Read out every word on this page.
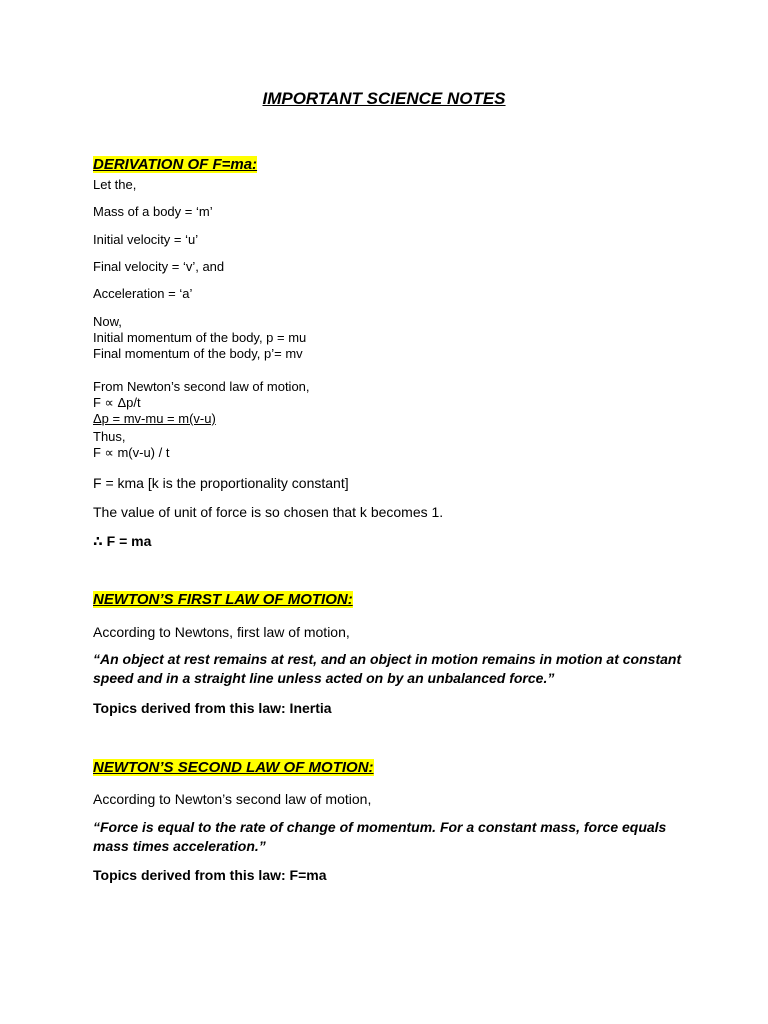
IMPORTANT SCIENCE NOTES
DERIVATION OF F=ma:

Let the,

Mass of a body = ‘m’

Initial velocity = ‘u’

Final velocity = ‘v’, and

Acceleration = ‘a’

Now,

Initial momentum of the body, p = mu

Final momentum of the body, p’= mv

From Newton’s second law of motion,

F ∝ Δp/t

Δp = mv-mu = m(v-u)

Thus,

F ∝ m(v-u) / t

F = kma [k is the proportionality constant]

The value of unit of force is so chosen that k becomes 1.

∴ F = ma

NEWTON’S FIRST LAW OF MOTION:

According to Newtons, first law of motion,

“An object at rest remains at rest, and an object in motion remains in motion at constant speed and in a straight line unless acted on by an unbalanced force.”

Topics derived from this law: Inertia

NEWTON’S SECOND LAW OF MOTION:

According to Newton’s second law of motion,

“Force is equal to the rate of change of momentum. For a constant mass, force equals mass times acceleration.”

Topics derived from this law: F=ma
